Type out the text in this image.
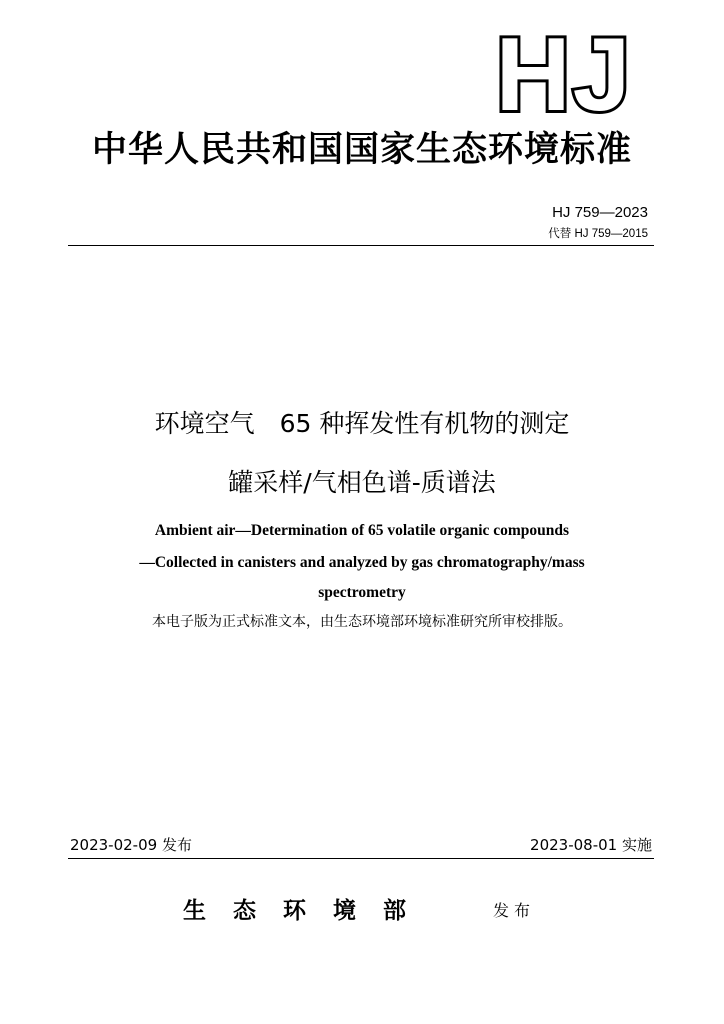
HJ
中华人民共和国国家生态环境标准
HJ 759—2023
代替 HJ 759—2015
环境空气　65 种挥发性有机物的测定
罐采样/气相色谱-质谱法
Ambient air—Determination of 65 volatile organic compounds
—Collected in canisters and analyzed by gas chromatography/mass
spectrometry
本电子版为正式标准文本，由生态环境部环境标准研究所审校排版。
2023-02-09 发布	2023-08-01 实施
生态环境部	发布
